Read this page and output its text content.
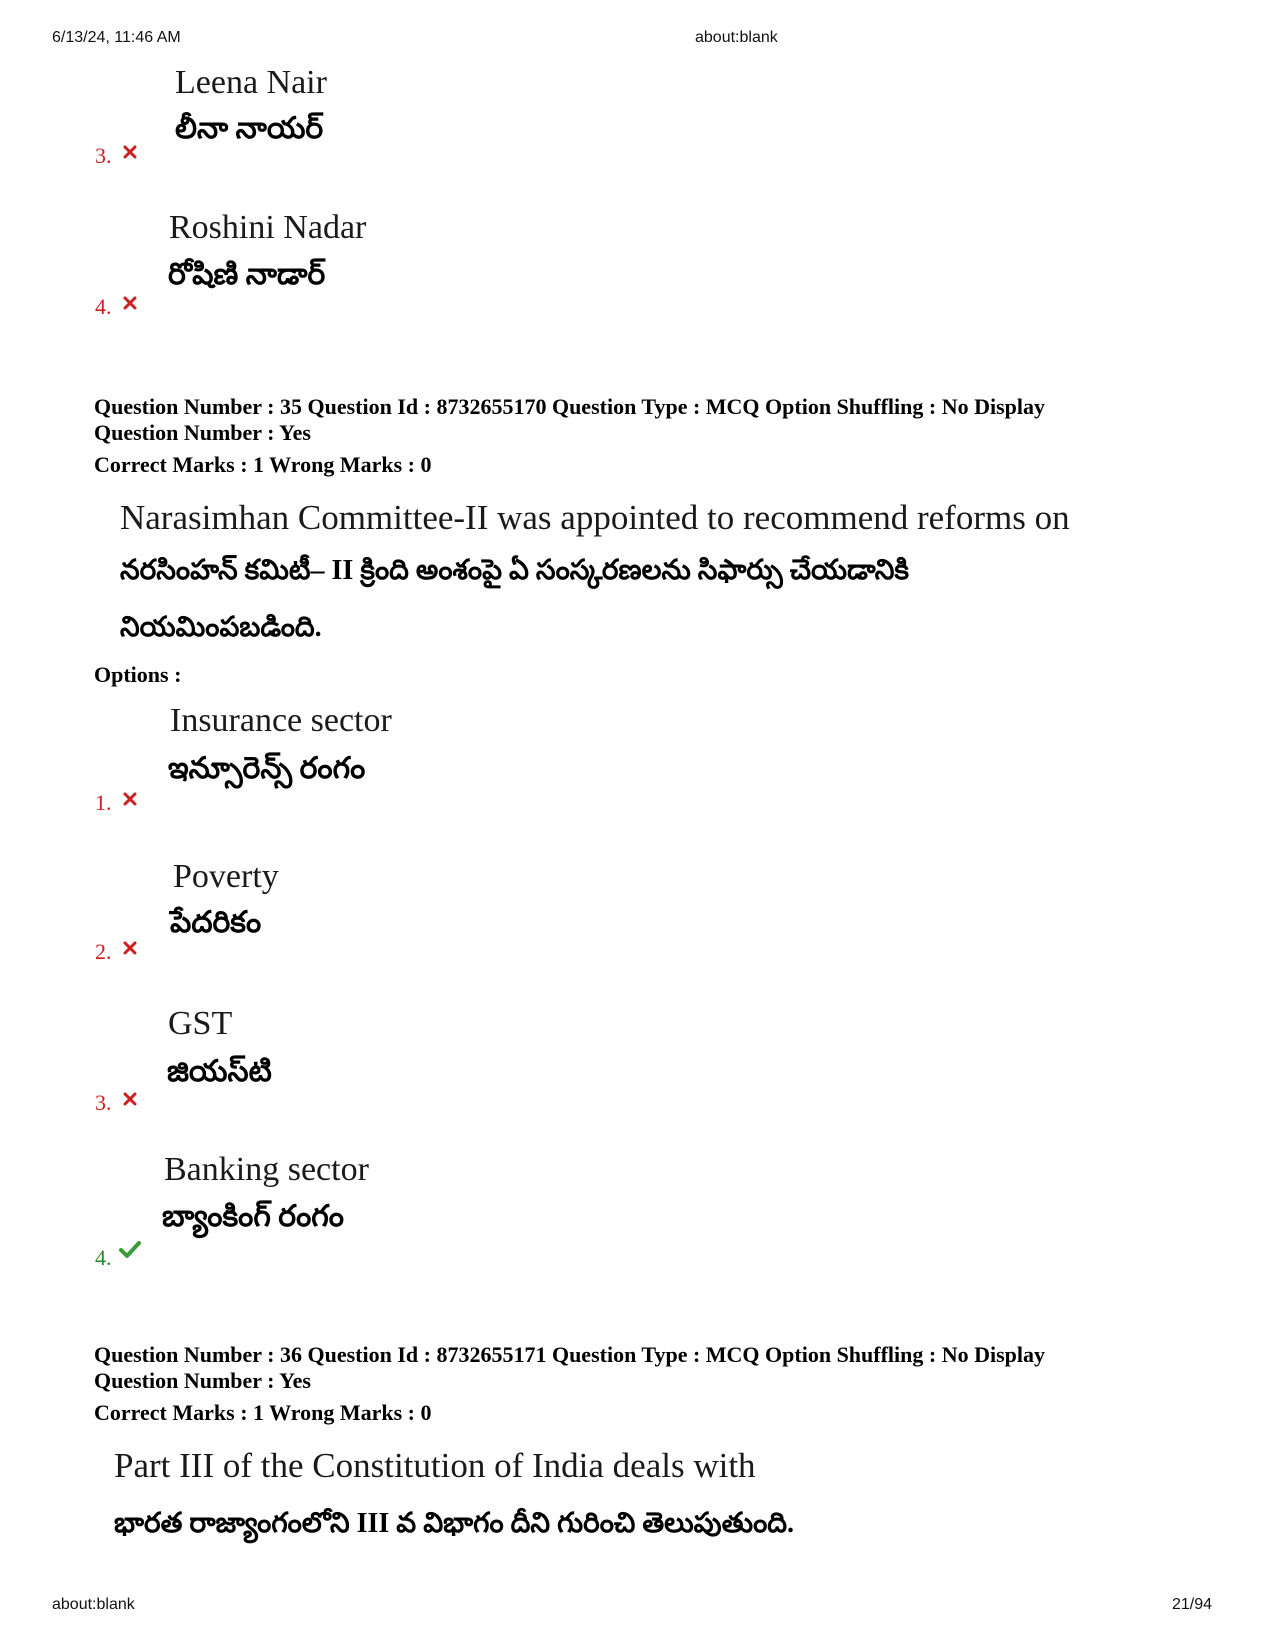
6/13/24, 11:46 AM	about:blank
Leena Nair
లీనా నాయర్
3.
Roshini Nadar
రోషిణి నాడార్
4.
Question Number : 35 Question Id : 8732655170 Question Type : MCQ Option Shuffling : No Display
Question Number : Yes
Correct Marks : 1 Wrong Marks : 0
Narasimhan Committee-II was appointed to recommend reforms on
నరసింహన్ కమిటీ– II క్రింది అంశంపై ఏ సంస్కరణలను సిఫార్సు చేయడానికి
నియమింపబడింది.
Options :
Insurance sector
ఇన్సూరెన్స్ రంగం
1.
Poverty
పేదరికం
2.
GST
జియస్‌టి
3.
Banking sector
బ్యాంకింగ్ రంగం
4.
Question Number : 36 Question Id : 8732655171 Question Type : MCQ Option Shuffling : No Display
Question Number : Yes
Correct Marks : 1 Wrong Marks : 0
Part III of the Constitution of India deals with
భారత రాజ్యాంగంలోని III వ విభాగం దీని గురించి తెలుపుతుంది.
about:blank	21/94
